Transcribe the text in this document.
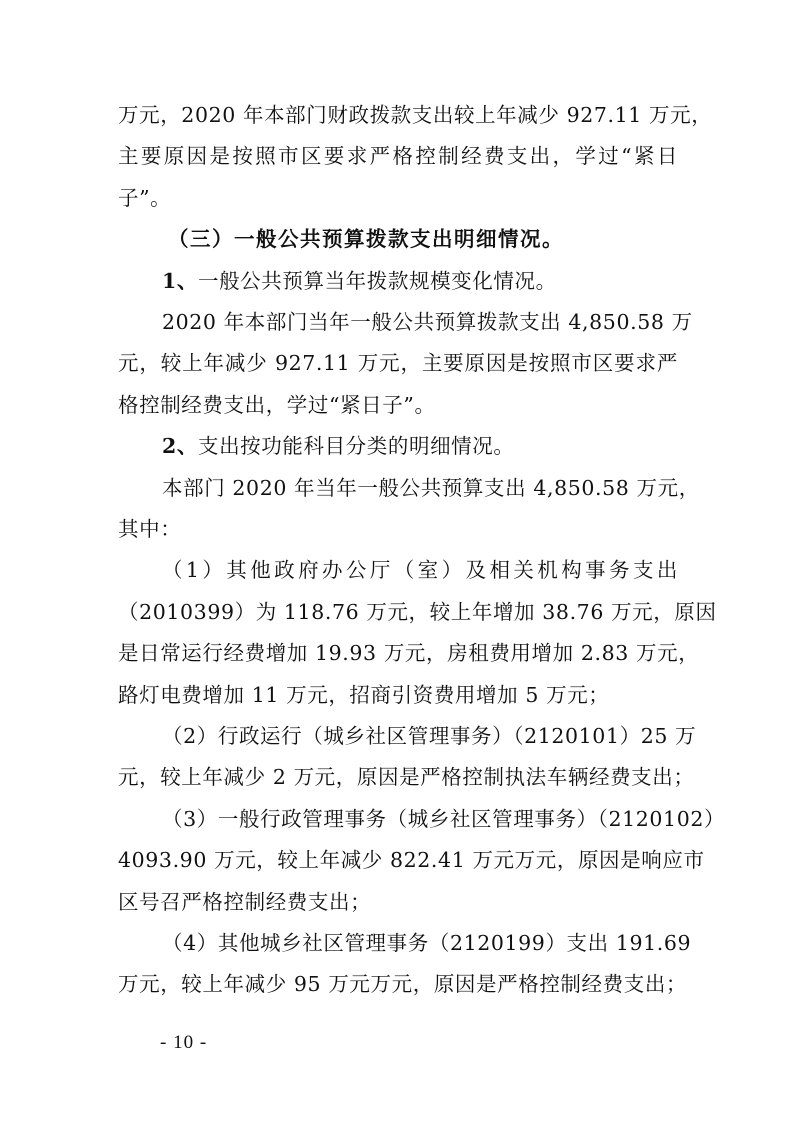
万元，2020 年本部门财政拨款支出较上年减少 927.11 万元，
主要原因是按照市区要求严格控制经费支出，学过“紧日
子”。
（三）一般公共预算拨款支出明细情况。
1、一般公共预算当年拨款规模变化情况。
2020 年本部门当年一般公共预算拨款支出 4,850.58 万
元，较上年减少 927.11 万元，主要原因是按照市区要求严
格控制经费支出，学过“紧日子”。
2、支出按功能科目分类的明细情况。
本部门 2020 年当年一般公共预算支出 4,850.58 万元，
其中：
（1）其他政府办公厅（室）及相关机构事务支出
（2010399）为 118.76 万元，较上年增加 38.76 万元，原因
是日常运行经费增加 19.93 万元，房租费用增加 2.83 万元，
路灯电费增加 11 万元，招商引资费用增加 5 万元；
（2）行政运行（城乡社区管理事务）（2120101）25 万
元，较上年减少 2 万元，原因是严格控制执法车辆经费支出；
（3）一般行政管理事务（城乡社区管理事务）（2120102）
4093.90 万元，较上年减少 822.41 万元万元，原因是响应市
区号召严格控制经费支出；
（4）其他城乡社区管理事务（2120199）支出 191.69
万元，较上年减少 95 万元万元，原因是严格控制经费支出；
- 10 -
